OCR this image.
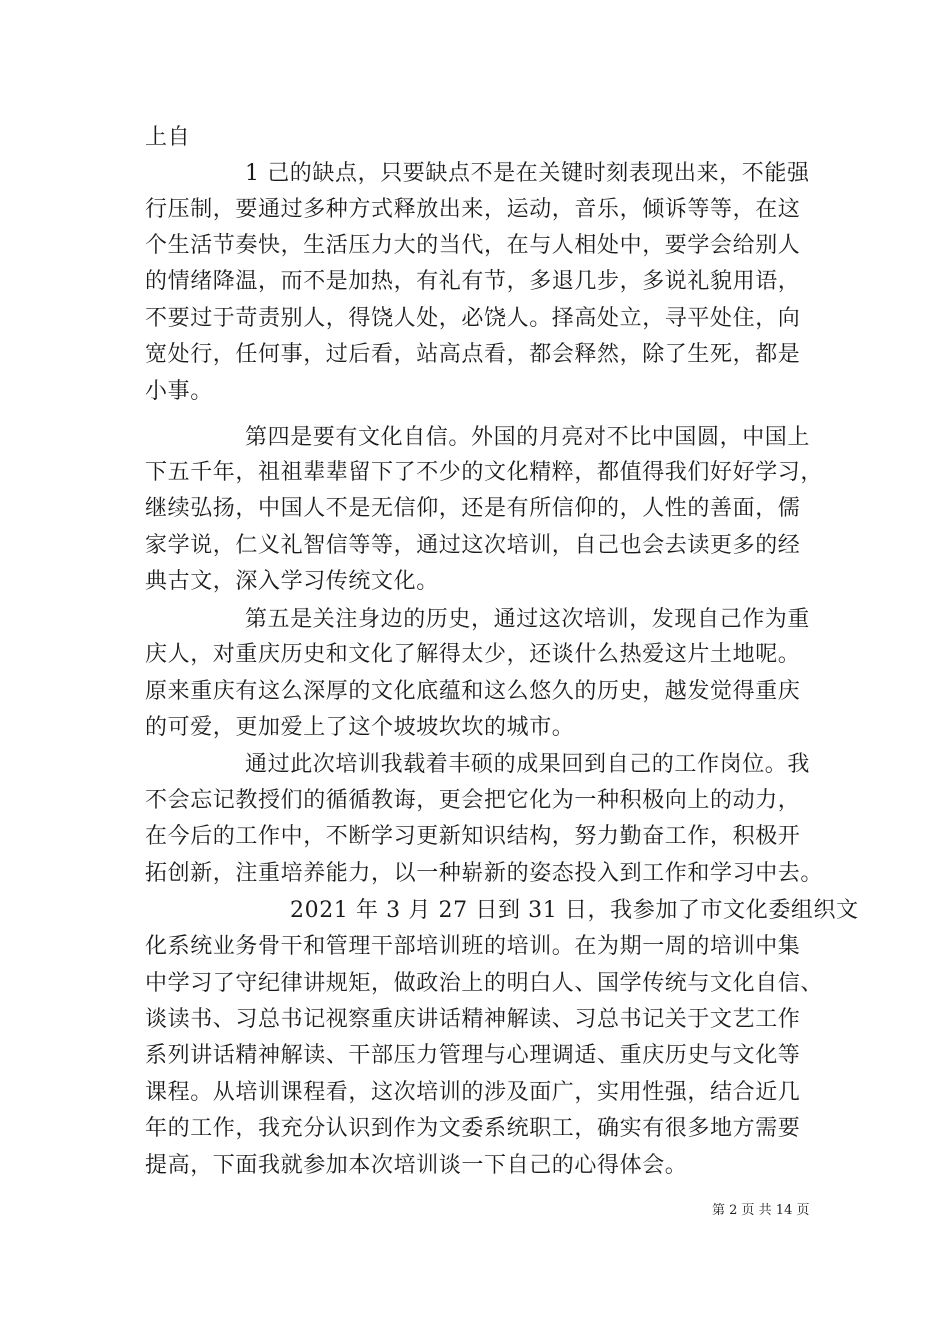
上自
1 己的缺点，只要缺点不是在关键时刻表现出来，不能强
行压制，要通过多种方式释放出来，运动，音乐，倾诉等等，在这
个生活节奏快，生活压力大的当代，在与人相处中，要学会给别人
的情绪降温，而不是加热，有礼有节，多退几步，多说礼貌用语，
不要过于苛责别人，得饶人处，必饶人。择高处立，寻平处住，向
宽处行，任何事，过后看，站高点看，都会释然，除了生死，都是
小事。
第四是要有文化自信。外国的月亮对不比中国圆，中国上
下五千年，祖祖辈辈留下了不少的文化精粹，都值得我们好好学习，
继续弘扬，中国人不是无信仰，还是有所信仰的，人性的善面，儒
家学说，仁义礼智信等等，通过这次培训，自己也会去读更多的经
典古文，深入学习传统文化。
第五是关注身边的历史，通过这次培训，发现自己作为重
庆人，对重庆历史和文化了解得太少，还谈什么热爱这片土地呢。
原来重庆有这么深厚的文化底蕴和这么悠久的历史，越发觉得重庆
的可爱，更加爱上了这个坡坡坎坎的城市。
通过此次培训我载着丰硕的成果回到自己的工作岗位。我
不会忘记教授们的循循教诲，更会把它化为一种积极向上的动力，
在今后的工作中，不断学习更新知识结构，努力勤奋工作，积极开
拓创新，注重培养能力，以一种崭新的姿态投入到工作和学习中去。
2021 年 3 月 27 日到 31 日，我参加了市文化委组织文
化系统业务骨干和管理干部培训班的培训。在为期一周的培训中集
中学习了守纪律讲规矩，做政治上的明白人、国学传统与文化自信、
谈读书、习总书记视察重庆讲话精神解读、习总书记关于文艺工作
系列讲话精神解读、干部压力管理与心理调适、重庆历史与文化等
课程。从培训课程看，这次培训的涉及面广，实用性强，结合近几
年的工作，我充分认识到作为文委系统职工，确实有很多地方需要
提高，下面我就参加本次培训谈一下自己的心得体会。
第 2 页 共 14 页
